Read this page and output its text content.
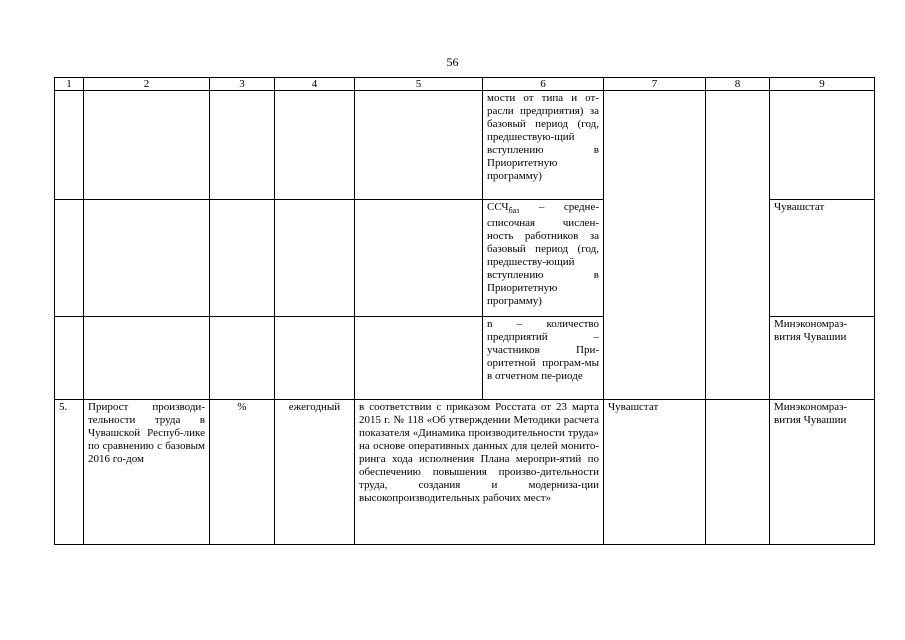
56
1	2	3	4	5	6	7	8	9
					мости от типа и от-расли предприятия) за базовый период (год, предшествую-щий вступлению в Приоритетную программу)			
					$ССЧ_{баз}$ – средне-списочная числен-ность работников за базовый период (год, предшеству-ющий вступлению в Приоритетную программу)			Чувашстат
					n – количество предприятий – участников При-оритетной програм-мы в отчетном пе-риоде			Минэкономраз-вития Чувашии
5.	Прирост производи-тельности труда в Чувашской Респуб-лике по сравнению с базовым 2016 го-дом	%	ежегодный	в соответствии с приказом Росстата от 23 марта 2015 г. № 118 «Об утверждении Методики расчета показателя «Динамика производительности труда» на основе оперативных данных для целей монито-ринга хода исполнения Плана меропри-ятий по обеспечению повышения произво-дительности труда, создания и модерниза-ции высокопроизводительных рабочих мест»		Чувашстат		Минэкономраз-вития Чувашии
